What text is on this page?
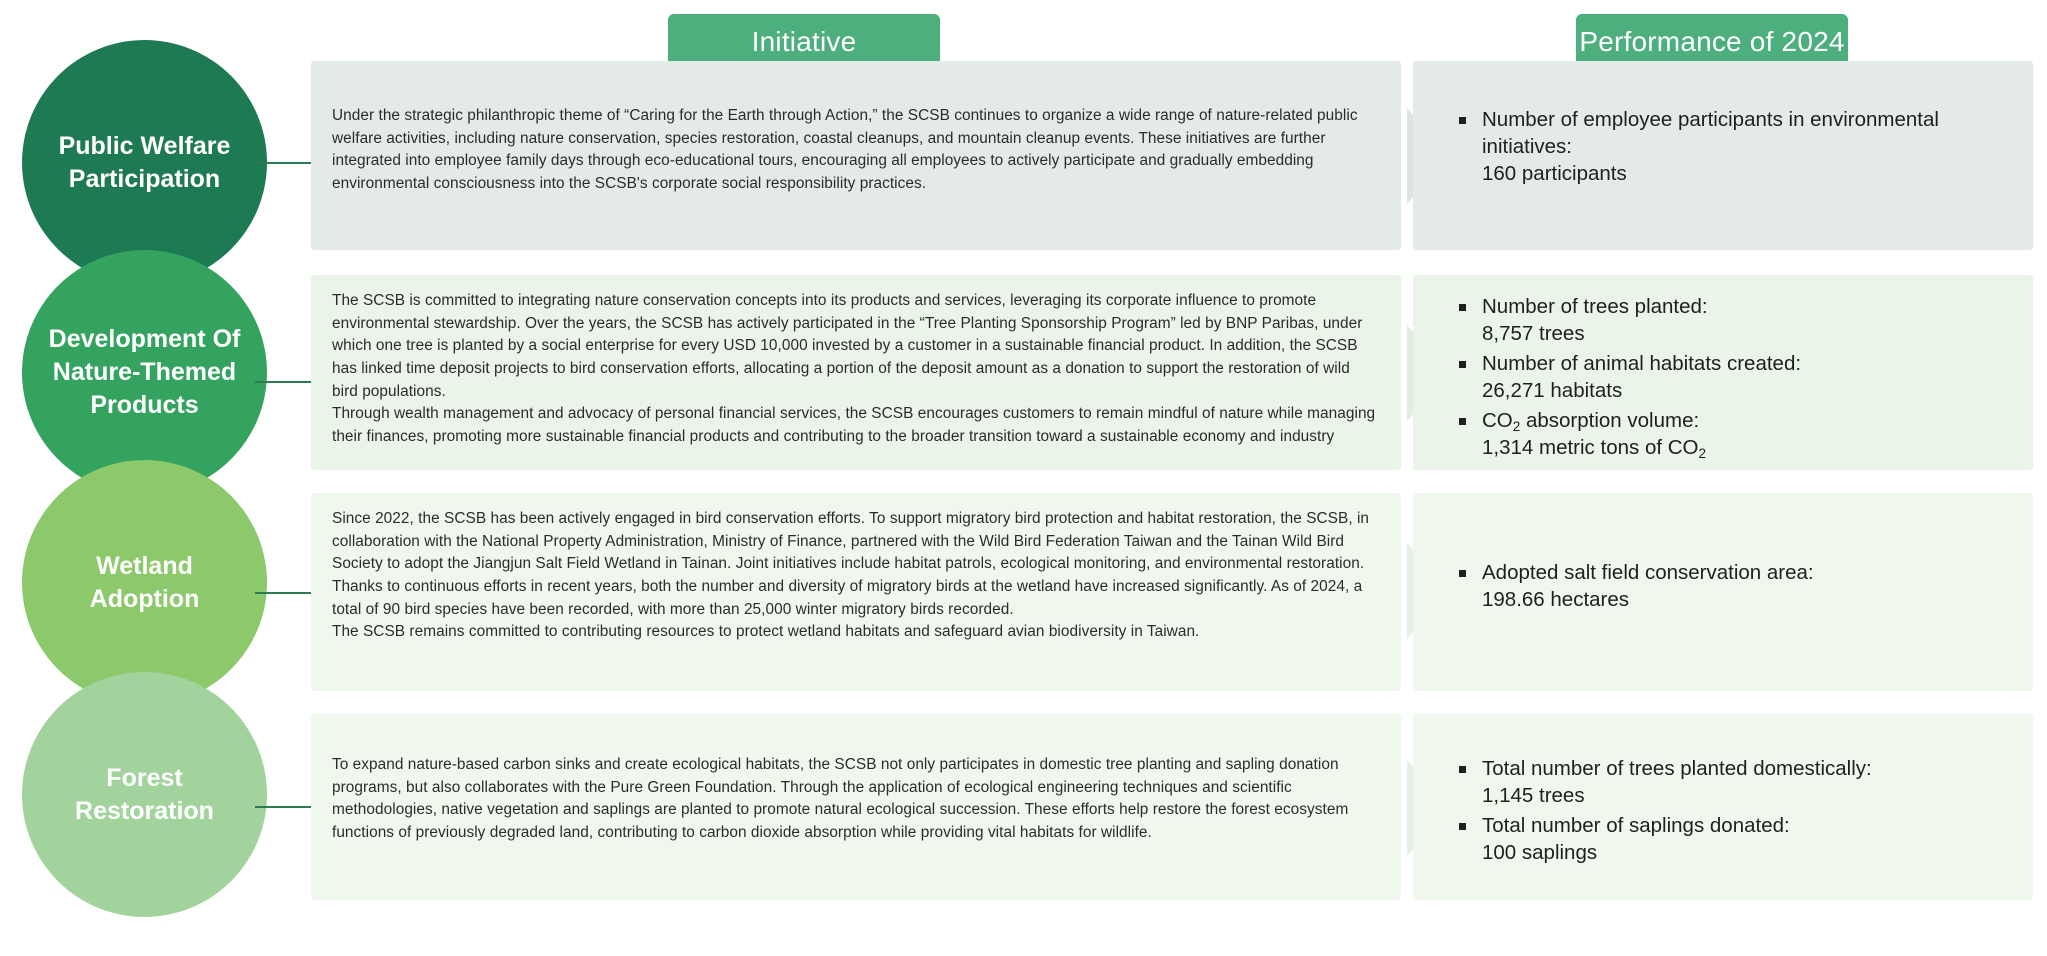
Initiative	Performance of 2024
Public Welfare
Participation

Under the strategic philanthropic theme of “Caring for the Earth through Action,” the SCSB continues to organize a wide range of nature-related public welfare activities, including nature conservation, species restoration, coastal cleanups, and mountain cleanup events. These initiatives are further integrated into employee family days through eco-educational tours, encouraging all employees to actively participate and gradually embedding environmental consciousness into the SCSB's corporate social responsibility practices.

Number of employee participants in environmental initiatives:
160 participants
Development Of
Nature-Themed
Products

The SCSB is committed to integrating nature conservation concepts into its products and services, leveraging its corporate influence to promote environmental stewardship. Over the years, the SCSB has actively participated in the “Tree Planting Sponsorship Program” led by BNP Paribas, under which one tree is planted by a social enterprise for every USD 10,000 invested by a customer in a sustainable financial product. In addition, the SCSB has linked time deposit projects to bird conservation efforts, allocating a portion of the deposit amount as a donation to support the restoration of wild bird populations.

Through wealth management and advocacy of personal financial services, the SCSB encourages customers to remain mindful of nature while managing their finances, promoting more sustainable financial products and contributing to the broader transition toward a sustainable economy and industry

Number of trees planted:
8,757 trees
Number of animal habitats created:
26,271 habitats
$CO_2$ absorption volume:
1,314 metric tons of $CO_2$
Wetland
Adoption

Since 2022, the SCSB has been actively engaged in bird conservation efforts. To support migratory bird protection and habitat restoration, the SCSB, in collaboration with the National Property Administration, Ministry of Finance, partnered with the Wild Bird Federation Taiwan and the Tainan Wild Bird Society to adopt the Jiangjun Salt Field Wetland in Tainan. Joint initiatives include habitat patrols, ecological monitoring, and environmental restoration.

Thanks to continuous efforts in recent years, both the number and diversity of migratory birds at the wetland have increased significantly. As of 2024, a total of 90 bird species have been recorded, with more than 25,000 winter migratory birds recorded.

The SCSB remains committed to contributing resources to protect wetland habitats and safeguard avian biodiversity in Taiwan.

Adopted salt field conservation area:
198.66 hectares
Forest
Restoration

To expand nature-based carbon sinks and create ecological habitats, the SCSB not only participates in domestic tree planting and sapling donation programs, but also collaborates with the Pure Green Foundation. Through the application of ecological engineering techniques and scientific methodologies, native vegetation and saplings are planted to promote natural ecological succession. These efforts help restore the forest ecosystem functions of previously degraded land, contributing to carbon dioxide absorption while providing vital habitats for wildlife.

Total number of trees planted domestically:
1,145 trees
Total number of saplings donated:
100 saplings
